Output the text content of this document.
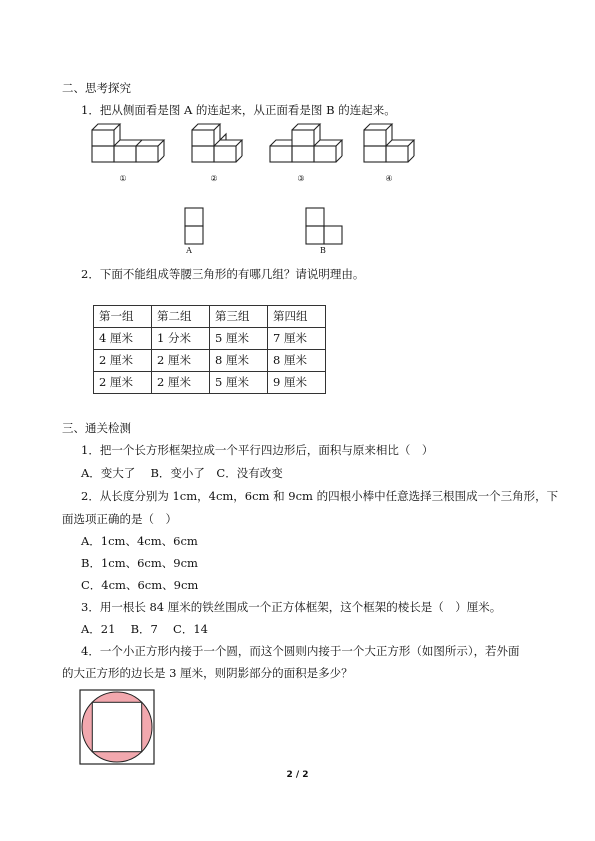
二、思考探究
1．把从侧面看是图 A 的连起来，从正面看是图 B 的连起来。
①	②	③	④
A	B
2．下面不能组成等腰三角形的有哪几组？请说明理由。
第一组	第二组	第三组	第四组
4 厘米	1 分米	5 厘米	7 厘米
2 厘米	2 厘米	8 厘米	8 厘米
2 厘米	2 厘米	5 厘米	9 厘米
三、通关检测
1．把一个长方形框架拉成一个平行四边形后，面积与原来相比（　）
A．变大了　 B．变小了　C．没有改变
2．从长度分别为 1cm，4cm，6cm 和 9cm 的四根小棒中任意选择三根围成一个三角形，下
面选项正确的是（　）
A．1cm、4cm、6cm
B．1cm、6cm、9cm
C．4cm、6cm、9cm
3．用一根长 84 厘米的铁丝围成一个正方体框架，这个框架的棱长是（　）厘米。
A．21　 B．7　 C．14
4．一个小正方形内接于一个圆，而这个圆则内接于一个大正方形（如图所示），若外面
的大正方形的边长是 3 厘米，则阴影部分的面积是多少？
2 / 2
